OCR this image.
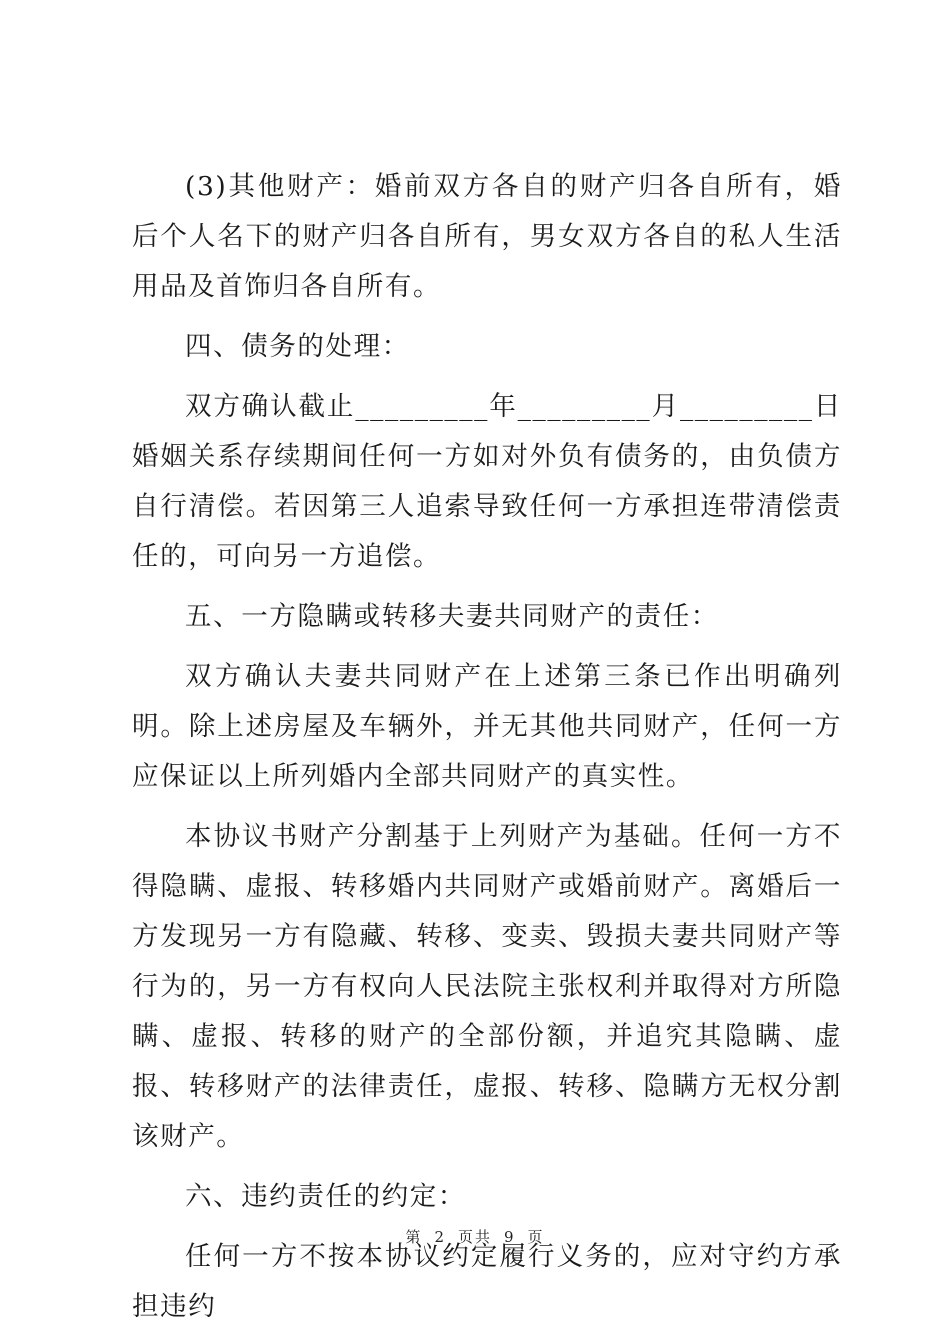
(3)其他财产：婚前双方各自的财产归各自所有，婚后个人名下的财产归各自所有，男女双方各自的私人生活用品及首饰归各自所有。

四、债务的处理：

双方确认截止_________年_________月_________日婚姻关系存续期间任何一方如对外负有债务的，由负债方自行清偿。若因第三人追索导致任何一方承担连带清偿责任的，可向另一方追偿。

五、一方隐瞒或转移夫妻共同财产的责任：

双方确认夫妻共同财产在上述第三条已作出明确列明。除上述房屋及车辆外，并无其他共同财产，任何一方应保证以上所列婚内全部共同财产的真实性。

本协议书财产分割基于上列财产为基础。任何一方不得隐瞒、虚报、转移婚内共同财产或婚前财产。离婚后一方发现另一方有隐藏、转移、变卖、毁损夫妻共同财产等行为的，另一方有权向人民法院主张权利并取得对方所隐瞒、虚报、转移的财产的全部份额，并追究其隐瞒、虚报、转移财产的法律责任，虚报、转移、隐瞒方无权分割该财产。

六、违约责任的约定：

任何一方不按本协议约定履行义务的，应对守约方承担违约

第 2 页共 9 页
